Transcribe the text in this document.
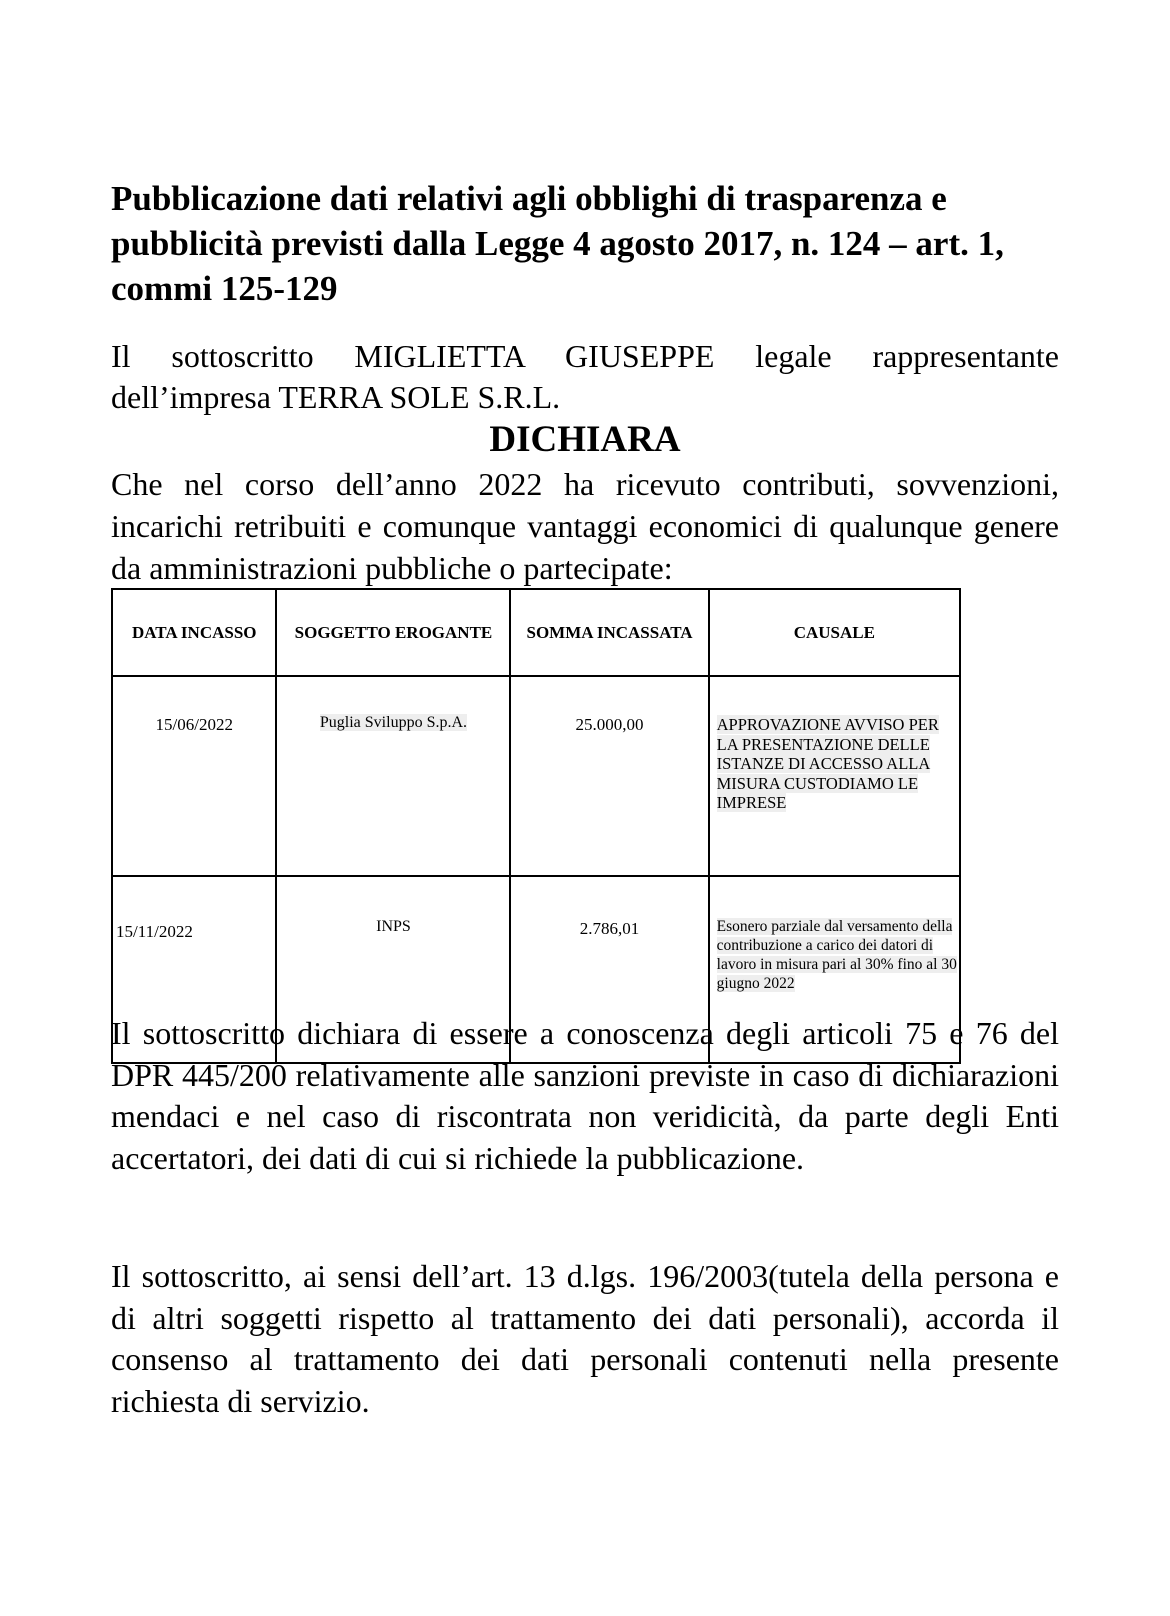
Pubblicazione dati relativi agli obblighi di trasparenza e pubblicità previsti dalla Legge 4 agosto 2017, n. 124 – art. 1, commi 125-129

Il sottoscritto MIGLIETTA GIUSEPPE legale rappresentante
dell’impresa TERRA SOLE S.R.L.

DICHIARA

Che nel corso dell’anno 2022 ha ricevuto contributi, sovvenzioni, incarichi retribuiti e comunque vantaggi economici di qualunque genere da amministrazioni pubbliche o partecipate:

DATA INCASSO	SOGGETTO EROGANTE	SOMMA INCASSATA	CAUSALE
15/06/2022	Puglia Sviluppo S.p.A.	25.000,00	APPROVAZIONE AVVISO PER LA PRESENTAZIONE DELLE ISTANZE DI ACCESSO ALLA MISURA CUSTODIAMO LE IMPRESE
15/11/2022	INPS	2.786,01	Esonero parziale dal versamento della contribuzione a carico dei datori di lavoro in misura pari al 30% fino al 30 giugno 2022

Il sottoscritto dichiara di essere a conoscenza degli articoli 75 e 76 del DPR 445/200 relativamente alle sanzioni previste in caso di dichiarazioni mendaci e nel caso di riscontrata non veridicità, da parte degli Enti accertatori, dei dati di cui si richiede la pubblicazione.

Il sottoscritto, ai sensi dell’art. 13 d.lgs. 196/2003(tutela della persona e di altri soggetti rispetto al trattamento dei dati personali), accorda il consenso al trattamento dei dati personali contenuti nella presente richiesta di servizio.
